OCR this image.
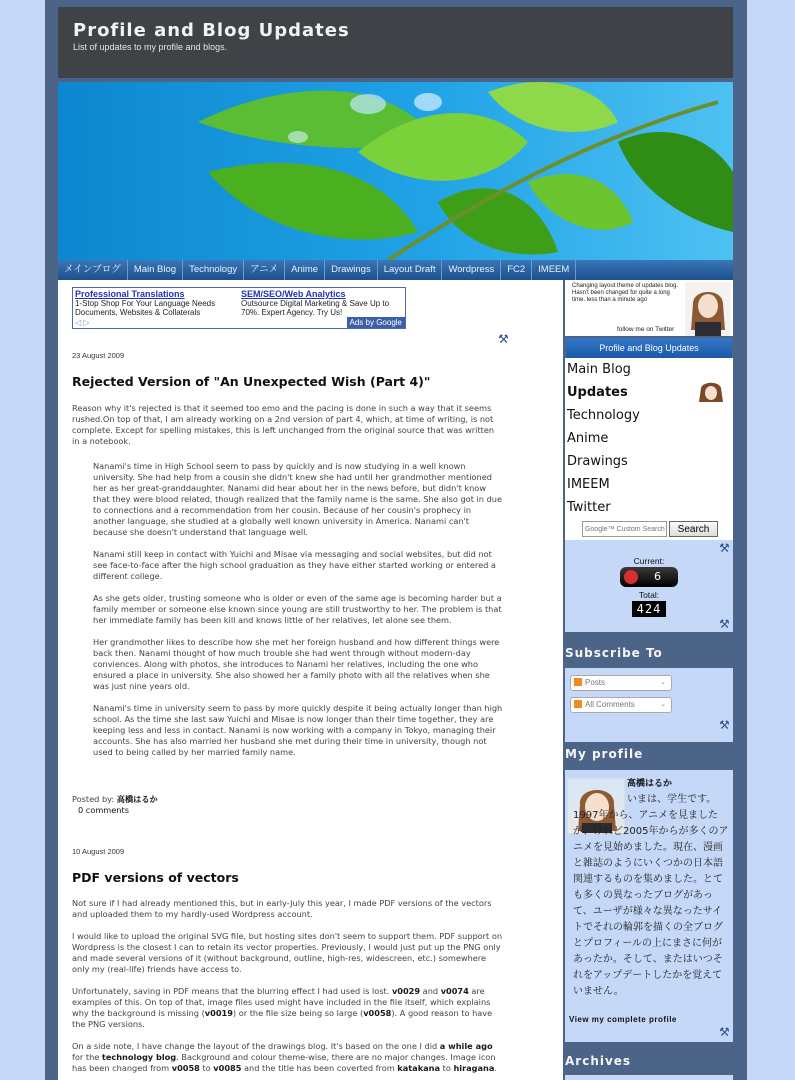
Profile and Blog Updates
List of updates to my profile and blogs.
メインブログ	Main Blog	Technology	アニメ	Anime	Drawings	Layout Draft	Wordpress	FC2	IMEEM
Professional Translations
1-Stop Shop For Your Language Needs Documents, Websites & Collaterals
SEM/SEO/Web Analytics
Outsource Digital Marketing & Save Up to 70%. Expert Agency. Try Us!
◁ ▷	Ads by Google
⚒
23 August 2009
Rejected Version of "An Unexpected Wish (Part 4)"
Reason why it's rejected is that it seemed too emo and the pacing is done in such a way that it seems rushed.On top of that, I am already working on a 2nd version of part 4, which, at time of writing, is not complete. Except for spelling mistakes, this is left unchanged from the original source that was written in a notebook.

Nanami's time in High School seem to pass by quickly and is now studying in a well known university. She had help from a cousin she didn't knew she had until her grandmother mentioned her as her great-granddaughter. Nanami did hear about her in the news before, but didn't know that they were blood related, though realized that the family name is the same. She also got in due to connections and a recommendation from her cousin. Because of her cousin's prophecy in another language, she studied at a globally well known university in America. Nanami can't because she doesn't understand that language well.

Nanami still keep in contact with Yuichi and Misae via messaging and social websites, but did not see face-to-face after the high school graduation as they have either started working or entered a different college.

As she gets older, trusting someone who is older or even of the same age is becoming harder but a family member or someone else known since young are still trustworthy to her. The problem is that her immediate family has been kill and knows little of her relatives, let alone see them.

Her grandmother likes to describe how she met her foreign husband and how different things were back then. Nanami thought of how much trouble she had went through without modern-day conviences. Along with photos, she introduces to Nanami her relatives, including the one who ensured a place in university. She also showed her a family photo with all the relatives when she was just nine years old.

Nanami's time in university seem to pass by more quickly despite it being actually longer than high school. As the time she last saw Yuichi and Misae is now longer than their time together, they are keeping less and less in contact. Nanami is now working with a company in Tokyo, managing their accounts. She has also married her husband she met during their time in university, though not used to being called by her married family name.

Posted by: 高橋はるか
0 comments
10 August 2009
PDF versions of vectors

Not sure if I had already mentioned this, but in early-July this year, I made PDF versions of the vectors and uploaded them to my hardly-used Wordpress account.

I would like to upload the original SVG file, but hosting sites don't seem to support them. PDF support on Wordpress is the closest I can to retain its vector properties. Previously, I would just put up the PNG only and made several versions of it (without background, outline, high-res, widescreen, etc.) somewhere only my (real-life) friends have access to.

Unfortunately, saving in PDF means that the blurring effect I had used is lost. v0029 and v0074 are examples of this. On top of that, image files used might have included in the file itself, which explains why the background is missing (v0019) or the file size being so large (v0058). A good reason to have the PNG versions.

On a side note, I have change the layout of the drawings blog. It's based on the one I did a while ago for the technology blog. Background and colour theme-wise, there are no major changes. Image icon has been changed from v0058 to v0085 and the title has been coverted from katakana to hiragana.

Changing layout theme of updates blog. Hasn't been changed for quite a long time. less than a minute ago
follow me on Twitter
Profile and Blog Updates
Main Blog
Updates
Technology
Anime
Drawings
IMEEM
Twitter
Google™ Custom Search
Search
⚒
Current:
6
Total:
424
⚒
Subscribe To
Posts	⌄
All Comments	⌄
⚒
My profile
高橋はるか
いまは、学生です。1997年から、アニメを見ましたが、けれど2005年からが多くのアニメを見始めました。現在、漫画と雑誌のようにいくつかの日本語関連するものを集めました。とても多くの異なったブログがあって、ユーザが様々な異なったサイトでそれの輪郭を描くの全ブログとプロフィールの上にまさに何があったか。そして、またはいつそれをアップデートしたかを覚えていません。
View my complete profile
⚒
Archives
